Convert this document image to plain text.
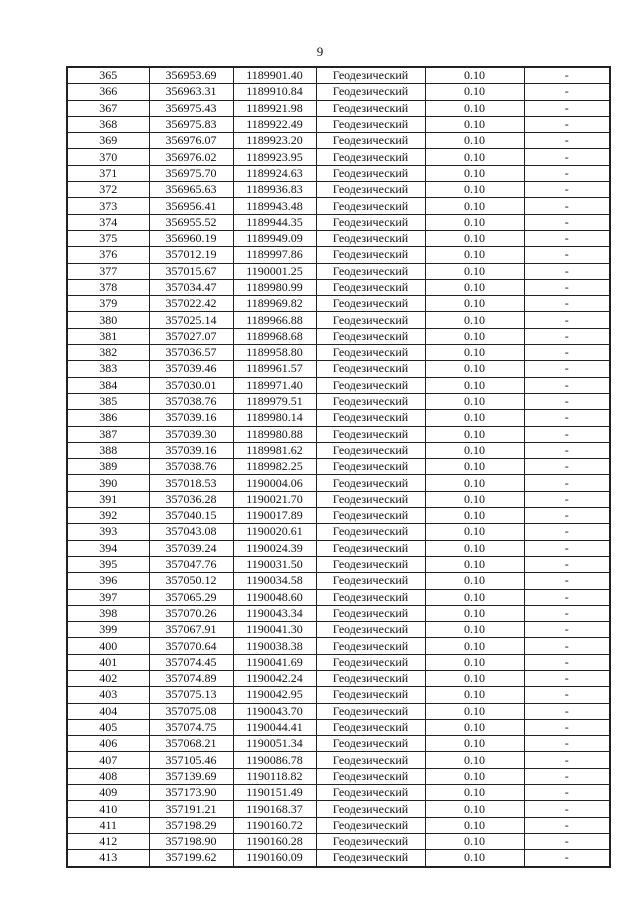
9
365	356953.69	1189901.40	Геодезический	0.10	-
366	356963.31	1189910.84	Геодезический	0.10	-
367	356975.43	1189921.98	Геодезический	0.10	-
368	356975.83	1189922.49	Геодезический	0.10	-
369	356976.07	1189923.20	Геодезический	0.10	-
370	356976.02	1189923.95	Геодезический	0.10	-
371	356975.70	1189924.63	Геодезический	0.10	-
372	356965.63	1189936.83	Геодезический	0.10	-
373	356956.41	1189943.48	Геодезический	0.10	-
374	356955.52	1189944.35	Геодезический	0.10	-
375	356960.19	1189949.09	Геодезический	0.10	-
376	357012.19	1189997.86	Геодезический	0.10	-
377	357015.67	1190001.25	Геодезический	0.10	-
378	357034.47	1189980.99	Геодезический	0.10	-
379	357022.42	1189969.82	Геодезический	0.10	-
380	357025.14	1189966.88	Геодезический	0.10	-
381	357027.07	1189968.68	Геодезический	0.10	-
382	357036.57	1189958.80	Геодезический	0.10	-
383	357039.46	1189961.57	Геодезический	0.10	-
384	357030.01	1189971.40	Геодезический	0.10	-
385	357038.76	1189979.51	Геодезический	0.10	-
386	357039.16	1189980.14	Геодезический	0.10	-
387	357039.30	1189980.88	Геодезический	0.10	-
388	357039.16	1189981.62	Геодезический	0.10	-
389	357038.76	1189982.25	Геодезический	0.10	-
390	357018.53	1190004.06	Геодезический	0.10	-
391	357036.28	1190021.70	Геодезический	0.10	-
392	357040.15	1190017.89	Геодезический	0.10	-
393	357043.08	1190020.61	Геодезический	0.10	-
394	357039.24	1190024.39	Геодезический	0.10	-
395	357047.76	1190031.50	Геодезический	0.10	-
396	357050.12	1190034.58	Геодезический	0.10	-
397	357065.29	1190048.60	Геодезический	0.10	-
398	357070.26	1190043.34	Геодезический	0.10	-
399	357067.91	1190041.30	Геодезический	0.10	-
400	357070.64	1190038.38	Геодезический	0.10	-
401	357074.45	1190041.69	Геодезический	0.10	-
402	357074.89	1190042.24	Геодезический	0.10	-
403	357075.13	1190042.95	Геодезический	0.10	-
404	357075.08	1190043.70	Геодезический	0.10	-
405	357074.75	1190044.41	Геодезический	0.10	-
406	357068.21	1190051.34	Геодезический	0.10	-
407	357105.46	1190086.78	Геодезический	0.10	-
408	357139.69	1190118.82	Геодезический	0.10	-
409	357173.90	1190151.49	Геодезический	0.10	-
410	357191.21	1190168.37	Геодезический	0.10	-
411	357198.29	1190160.72	Геодезический	0.10	-
412	357198.90	1190160.28	Геодезический	0.10	-
413	357199.62	1190160.09	Геодезический	0.10	-
